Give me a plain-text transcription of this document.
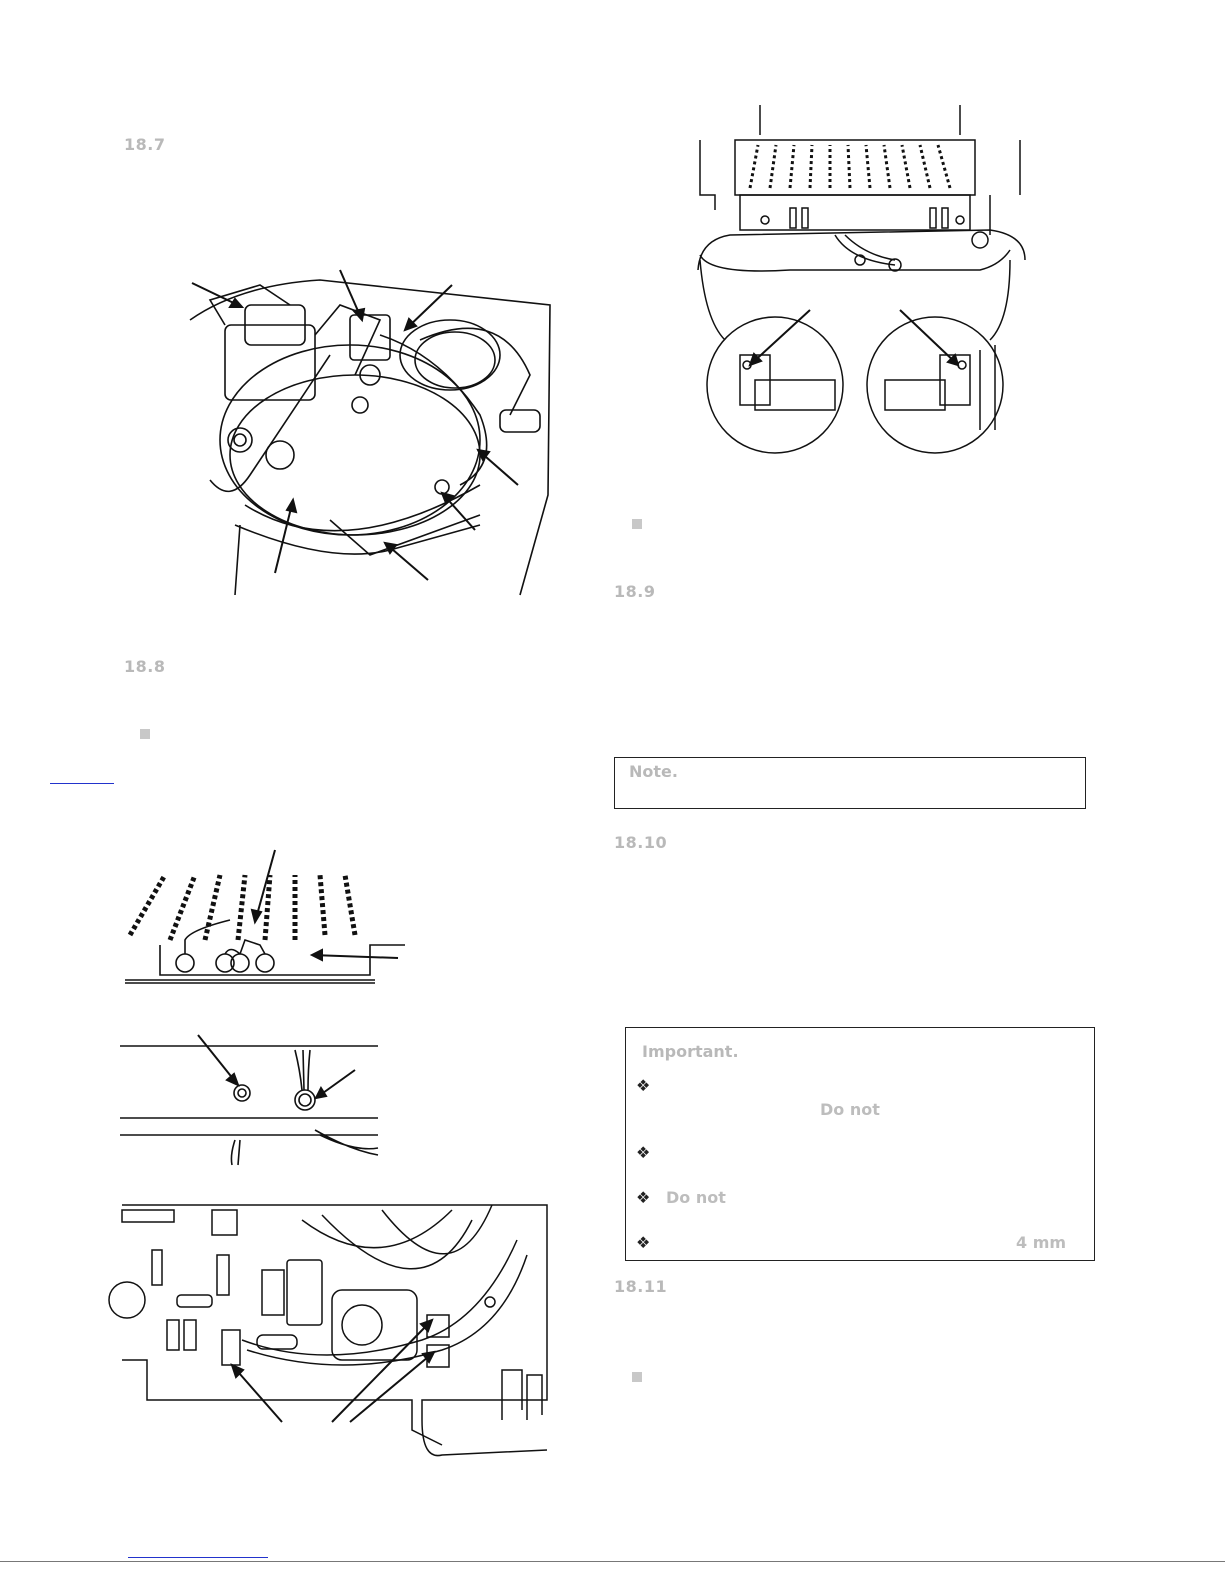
18.7
18.8
18.9
Note.
18.10
Important.
❖
Do not
❖
❖ Do not
❖	4 mm
18.11
